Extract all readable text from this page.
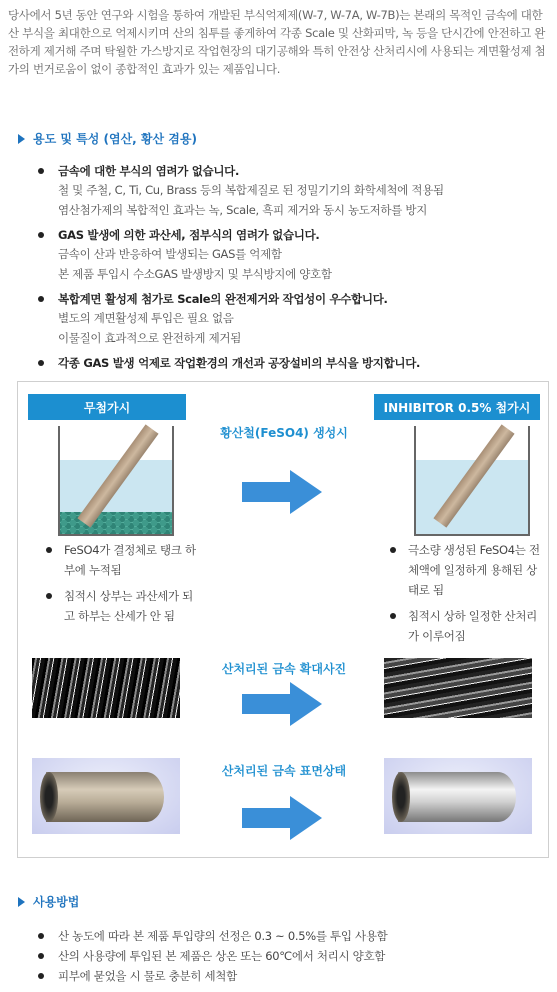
당사에서 5년 동안 연구와 시험을 통하여 개발된 부식억제제(W-7, W-7A, W-7B)는 본래의 목적인 금속에 대한 산 부식을 최대한으로 억제시키며 산의 침투를 좋게하여 각종 Scale 및 산화피막, 녹 등을 단시간에 안전하고 완전하게 제거해 주며 탁월한 가스방지로 작업현장의 대기공해와 특히 안전상 산처리시에 사용되는 계면활성제 첨가의 번거로움이 없이 종합적인 효과가 있는 제품입니다.
용도 및 특성 (염산, 황산 겸용)
금속에 대한 부식의 염려가 없습니다.
철 및 주철, C, Ti, Cu, Brass 등의 복합제질로 된 정밀기기의 화학세척에 적용됨
염산첨가제의 복합적인 효과는 녹, Scale, 흑피 제거와 동시 농도저하를 방지
GAS 발생에 의한 과산세, 점부식의 염려가 없습니다.
금속이 산과 반응하여 발생되는 GAS를 억제함
본 제품 투입시 수소GAS 발생방지 및 부식방지에 양호함
복합계면 활성제 첨가로 Scale의 완전제거와 작업성이 우수합니다.
별도의 계면활성제 투입은 필요 없음
이물질이 효과적으로 완전하게 제거됨
각종 GAS 발생 억제로 작업환경의 개선과 공장설비의 부식을 방지합니다.
무첨가시	INHIBITOR 0.5% 첨가시
황산철(FeSO4) 생성시
FeSO4가 결정체로 탱크 하부에 누적됨
침적시 상부는 과산세가 되고 하부는 산세가 안 됨
극소량 생성된 FeSO4는 전체액에 일정하게 용해된 상태로 됨
침적시 상하 일정한 산처리가 이루어짐
산처리된 금속 확대사진
산처리된 금속 표면상태
사용방법
산 농도에 따라 본 제품 투입량의 선정은 0.3 ~ 0.5%를 투입 사용함
산의 사용량에 투입된 본 제품은 상온 또는 60℃에서 처리시 양호함
피부에 묻었을 시 물로 충분히 세척함
